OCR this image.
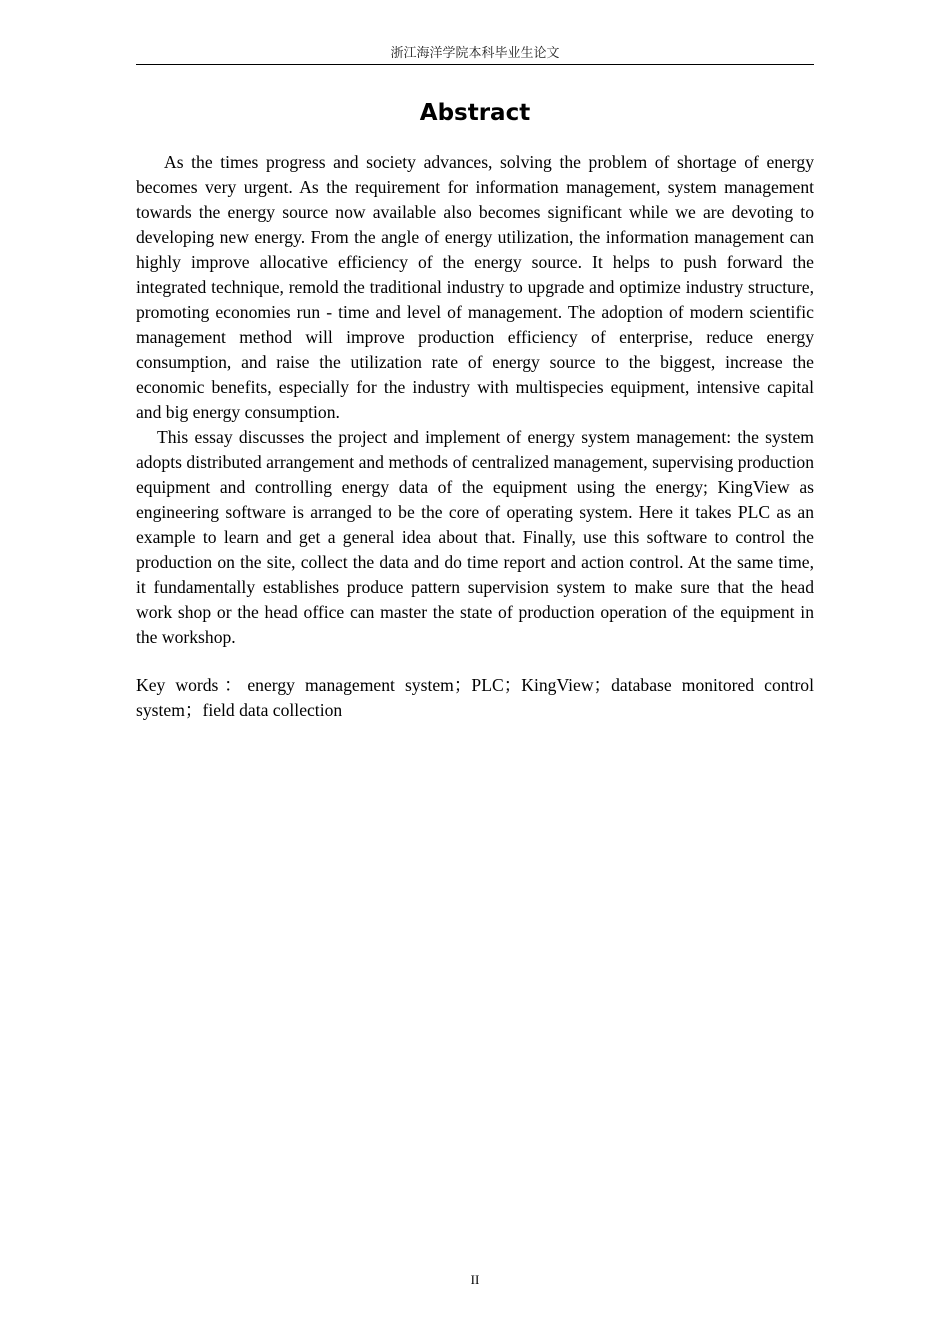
浙江海洋学院本科毕业生论文
Abstract

As the times progress and society advances, solving the problem of shortage of energy becomes very urgent. As the requirement for information management, system management towards the energy source now available also becomes significant while we are devoting to developing new energy. From the angle of energy utilization, the information management can highly improve allocative efficiency of the energy source. It helps to push forward the integrated technique, remold the traditional industry to upgrade and optimize industry structure, promoting economies run - time and level of management. The adoption of modern scientific management method will improve production efficiency of enterprise, reduce energy consumption, and raise the utilization rate of energy source to the biggest, increase the economic benefits, especially for the industry with multispecies equipment, intensive capital and big energy consumption.

This essay discusses the project and implement of energy system management: the system adopts distributed arrangement and methods of centralized management, supervising production equipment and controlling energy data of the equipment using the energy; KingView as engineering software is arranged to be the core of operating system. Here it takes PLC as an example to learn and get a general idea about that. Finally, use this software to control the production on the site, collect the data and do time report and action control. At the same time, it fundamentally establishes produce pattern supervision system to make sure that the head work shop or the head office can master the state of production operation of the equipment in the workshop.

Key words：energy management system；PLC；KingView；database monitored control system；field data collection

II
